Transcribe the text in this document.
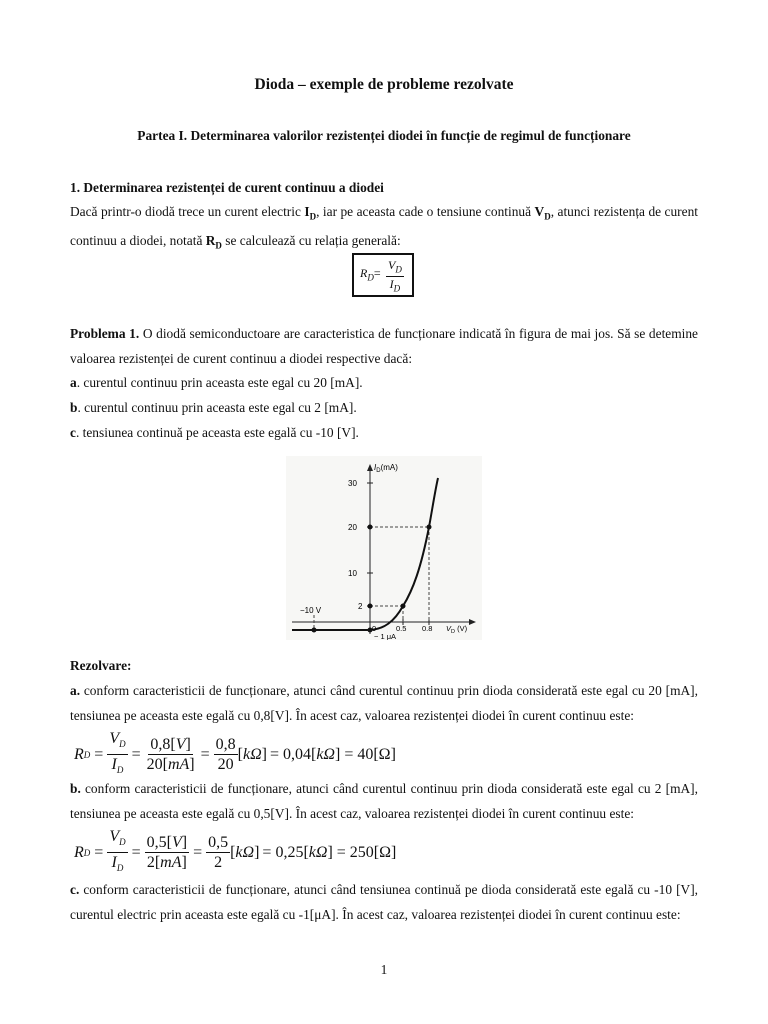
Dioda – exemple de probleme rezolvate
Partea I. Determinarea valorilor rezistenței diodei în funcție de regimul de funcționare
1. Determinarea rezistenței de curent continuu a diodei
Dacă printr-o diodă trece un curent electric $I_D$, iar pe aceasta cade o tensiune continuă $V_D$, atunci rezistența de curent continuu a diodei, notată $R_D$ se calculează cu relația generală:
$R_D= \frac{V_D}{I_D}$
Problema 1. O diodă semiconductoare are caracteristica de funcționare indicată în figura de mai jos. Să se detemine valoarea rezistenței de curent continuu a diodei respective dacă:
a. curentul continuu prin aceasta este egal cu 20 [mA].
b. curentul continuu prin aceasta este egal cu 2 [mA].
c. tensiunea continuă pe aceasta este egală cu -10 [V].
$I_D(mA)$
30
20
10
2
0	0.5 0.8 $V_D$ (V)
−10 V
− 1 μA
Rezolvare:
a. conform caracteristicii de funcționare, atunci când curentul continuu prin dioda considerată este egal cu 20 [mA], tensiunea pe aceasta este egală cu 0,8[V]. În acest caz, valoarea rezistenței diodei în curent continuu este:
R $D = \frac{V_D}{I_D} = \frac{0,8[V]}{20[mA]} = \frac{0,8}{20}$ [ kΩ ] = 0,04[ kΩ ] = 40[Ω]
b. conform caracteristicii de funcționare, atunci când curentul continuu prin dioda considerată este egal cu 2 [mA], tensiunea pe aceasta este egală cu 0,5[V]. În acest caz, valoarea rezistenței diodei în curent continuu este:
R $D = \frac{V_D}{I_D} = \frac{0,5[V]}{2[mA]} = \frac{0,5}{2}$ [ kΩ ] = 0,25[ kΩ ] = 250[Ω]
c. conform caracteristicii de funcționare, atunci când tensiunea continuă pe dioda considerată este egală cu -10 [V], curentul electric prin aceasta este egală cu -1[μA]. În acest caz, valoarea rezistenței diodei în curent continuu este:
1
